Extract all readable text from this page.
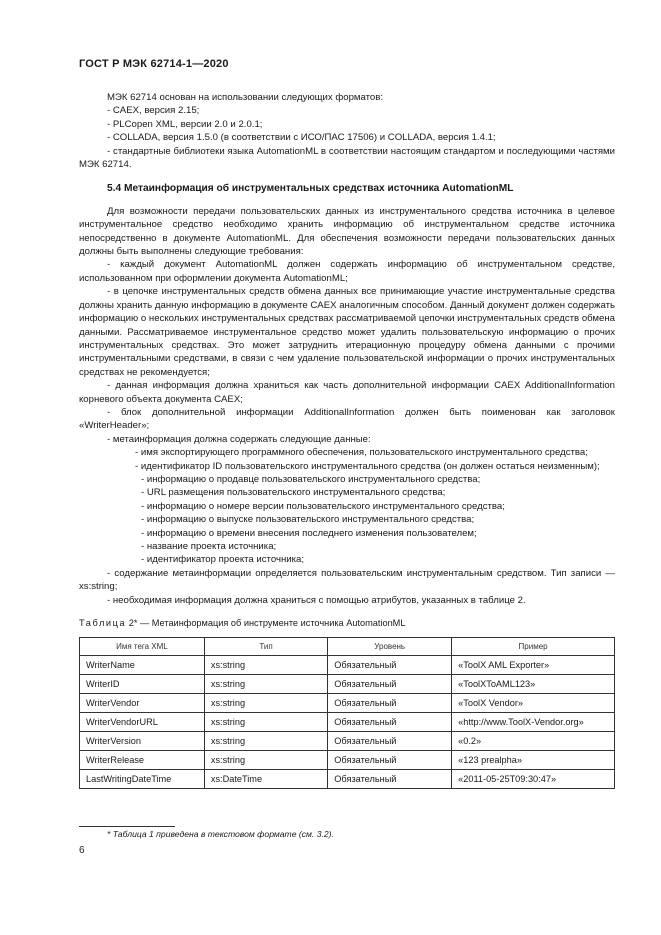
ГОСТ Р МЭК 62714-1—2020

МЭК 62714 основан на использовании следующих форматов:

- CAEX, версия 2.15;

- PLCopen XML, версии 2.0 и 2.0.1;

- COLLADA, версия 1.5.0 (в соответствии с ИСО/ПАС 17506) и COLLADA, версия 1.4.1;

- стандартные библиотеки языка AutomationML в соответствии настоящим стандартом и последующими частями МЭК 62714.

5.4 Метаинформация об инструментальных средствах источника AutomationML

Для возможности передачи пользовательских данных из инструментального средства источника в целевое инструментальное средство необходимо хранить информацию об инструментальном средстве источника непосредственно в документе AutomationML. Для обеспечения возможности передачи пользовательских данных должны быть выполнены следующие требования:

- каждый документ AutomationML должен содержать информацию об инструментальном средстве, использованном при оформлении документа AutomationML;

- в цепочке инструментальных средств обмена данных все принимающие участие инструментальные средства должны хранить данную информацию в документе CAEX аналогичным способом. Данный документ должен содержать информацию о нескольких инструментальных средствах рассматриваемой цепочки инструментальных средств обмена данными. Рассматриваемое инструментальное средство может удалить пользовательскую информацию о прочих инструментальных средствах. Это может затруднить итерационную процедуру обмена данными с прочими инструментальными средствами, в связи с чем удаление пользовательской информации о прочих инструментальных средствах не рекомендуется;

- данная информация должна храниться как часть дополнительной информации CAEX AdditionalInformation корневого объекта документа CAEX;

- блок дополнительной информации AdditionalInformation должен быть поименован как заголовок «WriterHeader»;

- метаинформация должна содержать следующие данные:

- имя экспортирующего программного обеспечения, пользовательского инструментального средства;

- идентификатор ID пользовательского инструментального средства (он должен остаться неизменным);

- информацию о продавце пользовательского инструментального средства;

- URL размещения пользовательского инструментального средства;

- информацию о номере версии пользовательского инструментального средства;

- информацию о выпуске пользовательского инструментального средства;

- информацию о времени внесения последнего изменения пользователем;

- название проекта источника;

- идентификатор проекта источника;

- содержание метаинформации определяется пользовательским инструментальным средством. Тип записи — xs:string;

- необходимая информация должна храниться с помощью атрибутов, указанных в таблице 2.

Таблица 2* — Метаинформация об инструменте источника AutomationML
Имя тега XML	Тип	Уровень	Пример
WriterName	xs:string	Обязательный	«ToolX AML Exporter»
WriterID	xs:string	Обязательный	«ToolXToAML123»
WriterVendor	xs:string	Обязательный	«ToolX Vendor»
WriterVendorURL	xs:string	Обязательный	«http://www.ToolX-Vendor.org»
WriterVersion	xs:string	Обязательный	«0.2»
WriterRelease	xs:string	Обязательный	«123 prealpha»
LastWritingDateTime	xs:DateTime	Обязательный	«2011-05-25T09:30:47»
* Таблица 1 приведена в текстовом формате (см. 3.2).
6
